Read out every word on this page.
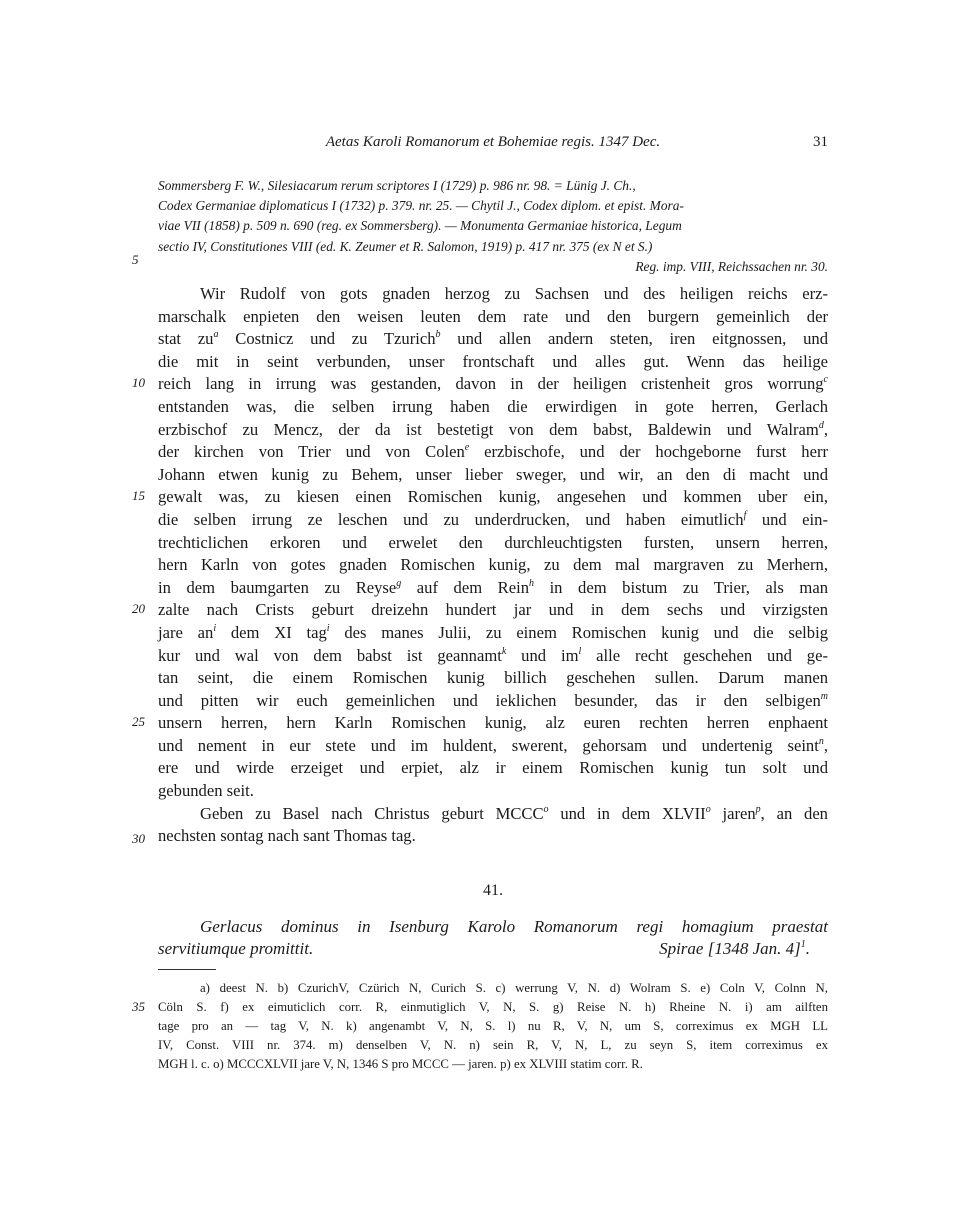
Aetas Karoli Romanorum et Bohemiae regis. 1347 Dec.	31
Sommersberg F. W., Silesiacarum rerum scriptores I (1729) p. 986 nr. 98. = Lünig J. Ch.,
Codex Germaniae diplomaticus I (1732) p. 379. nr. 25. — Chytil J., Codex diplom. et epist. Mora-
viae VII (1858) p. 509 n. 690 (reg. ex Sommersberg). — Monumenta Germaniae historica, Legum
sectio IV, Constitutiones VIII (ed. K. Zeumer et R. Salomon, 1919) p. 417 nr. 375 (ex N et S.)
Reg. imp. VIII, Reichssachen nr. 30.
5
10
15
20
25
30
35
Wir Rudolf von gots gnaden herzog zu Sachsen und des heiligen reichs erz-
marschalk enpieten den weisen leuten dem rate und den burgern gemeinlich der
stat $zu^a$ Costnicz und zu Tzurich$^b$ und allen andern steten, iren eitgnossen, und
die mit in seint verbunden, unser frontschaft und alles gut. Wenn das heilige
reich lang in irrung was gestanden, davon in der heiligen cristenheit gros worrung$^c$
entstanden was, die selben irrung haben die erwirdigen in gote herren, Gerlach
erzbischof zu Mencz, der da ist bestetigt von dem babst, Baldewin und Walram$^d$,
der kirchen von Trier und von Colen$^e$ erzbischofe, und der hochgeborne furst herr
Johann etwen kunig zu Behem, unser lieber sweger, und wir, an den di macht und
gewalt was, zu kiesen einen Romischen kunig, angesehen und kommen uber ein,
die selben irrung ze leschen und zu underdrucken, und haben eimutlich$^f$ und ein-
trechticlichen erkoren und erwelet den durchleuchtigsten fursten, unsern herren,
hern Karln von gotes gnaden Romischen kunig, zu dem mal margraven zu Merhern,
in dem baumgarten zu Reyse$^g$ auf dem Rein$^h$ in dem bistum zu Trier, als man
zalte nach Crists geburt dreizehn hundert jar und in dem sechs und virzigsten
jare $an^i$ dem XI tag$^i$ des manes Julii, zu einem Romischen kunig und die selbig
kur und wal von dem babst ist geannamt$^k$ und $im^l$ alle recht geschehen und ge-
tan seint, die einem Romischen kunig billich geschehen sullen. Darum manen
und pitten wir euch gemeinlichen und ieklichen besunder, das ir den selbigen$^m$
unsern herren, hern Karln Romischen kunig, alz euren rechten herren enphaent
und nement in eur stete und im huldent, swerent, gehorsam und undertenig seint$^n$,
ere und wirde erzeiget und erpiet, alz ir einem Romischen kunig tun solt und
gebunden seit.
Geben zu Basel nach Christus geburt MCCC$^o$ und in dem XLVII$^o$ jaren$^p$, an den
nechsten sontag nach sant Thomas tag.
41.
Gerlacus dominus in Isenburg Karolo Romanorum regi homagium praestat
servitiumque promittit.	Spirae [1348 Jan. 4]$^1$.
a) deest N. b) CzurichV, Czürich N, Curich S. c) werrung V, N. d) Wolram S. e) Coln V, Colnn N,
Cöln S. f) ex eimuticlich corr. R, einmutiglich V, N, S. g) Reise N. h) Rheine N. i) am ailften
tage pro an — tag V, N. k) angenambt V, N, S. l) nu R, V, N, um S, correximus ex MGH LL
IV, Const. VIII nr. 374. m) denselben V, N. n) sein R, V, N, L, zu seyn S, item correximus ex
MGH l. c. o) MCCCXLVII jare V, N, 1346 S pro MCCC — jaren. p) ex XLVIII statim corr. R.
